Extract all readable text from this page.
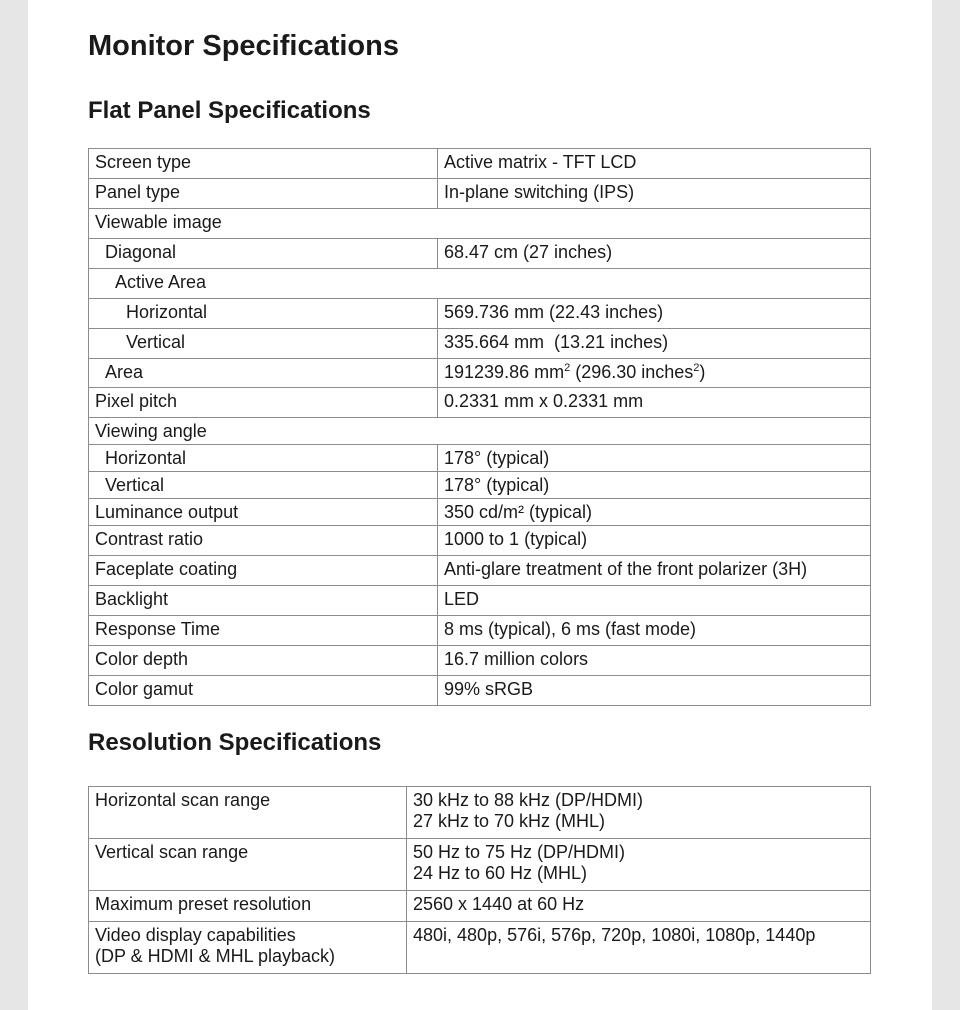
Monitor Specifications
Flat Panel Specifications
Screen type	Active matrix - TFT LCD
Panel type	In-plane switching (IPS)
Viewable image	
Diagonal	68.47 cm (27 inches)
Active Area	
Horizontal	569.736 mm (22.43 inches)
Vertical	335.664 mm  (13.21 inches)
Area	191239.86 $mm^2$ (296.30 inches$^2$)
Pixel pitch	0.2331 mm x 0.2331 mm
Viewing angle	
Horizontal	178° (typical)
Vertical	178° (typical)
Luminance output	350 cd/m² (typical)
Contrast ratio	1000 to 1 (typical)
Faceplate coating	Anti-glare treatment of the front polarizer (3H)
Backlight	LED
Response Time	8 ms (typical), 6 ms (fast mode)
Color depth	16.7 million colors
Color gamut	99% sRGB
Resolution Specifications
Horizontal scan range	30 kHz to 88 kHz (DP/HDMI)
27 kHz to 70 kHz (MHL)

Vertical scan range	50 Hz to 75 Hz (DP/HDMI)
24 Hz to 60 Hz (MHL)

Maximum preset resolution	2560 x 1440 at 60 Hz

Video display capabilities
(DP & HDMI & MHL playback)	480i, 480p, 576i, 576p, 720p, 1080i, 1080p, 1440p
